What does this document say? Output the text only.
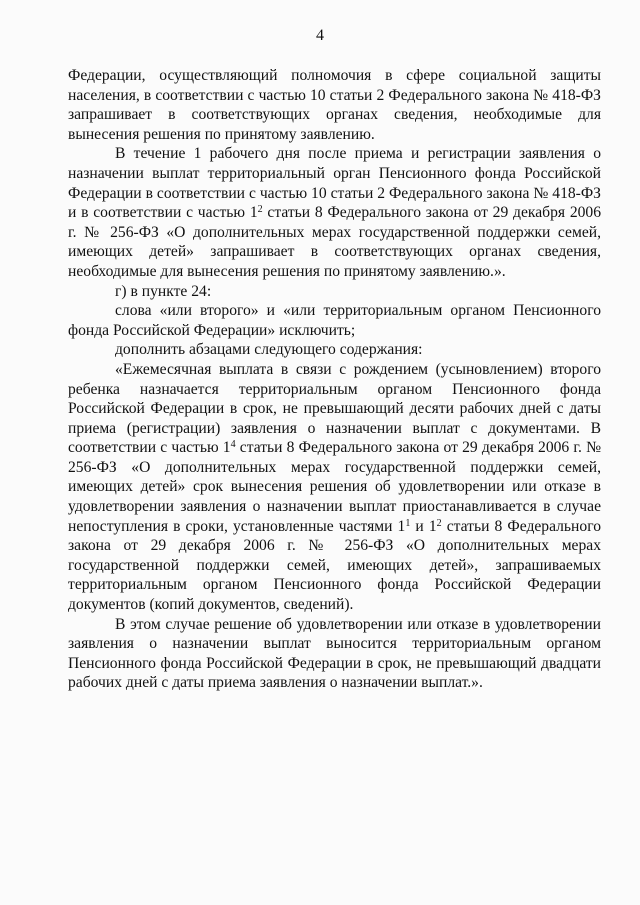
4

Федерации, осуществляющий полномочия в сфере социальной защиты населения, в соответствии с частью 10 статьи 2 Федерального закона № 418-ФЗ запрашивает в соответствующих органах сведения, необходимые для вынесения решения по принятому заявлению.

В течение 1 рабочего дня после приема и регистрации заявления о назначении выплат территориальный орган Пенсионного фонда Российской Федерации в соответствии с частью 10 статьи 2 Федерального закона № 418-ФЗ и в соответствии с частью $1^2$ статьи 8 Федерального закона от 29 декабря 2006 г. № 256-ФЗ «О дополнительных мерах государственной поддержки семей, имеющих детей» запрашивает в соответствующих органах сведения, необходимые для вынесения решения по принятому заявлению.».

г) в пункте 24:

слова «или второго» и «или территориальным органом Пенсионного фонда Российской Федерации» исключить;

дополнить абзацами следующего содержания:

«Ежемесячная выплата в связи с рождением (усыновлением) второго ребенка назначается территориальным органом Пенсионного фонда Российской Федерации в срок, не превышающий десяти рабочих дней с даты приема (регистрации) заявления о назначении выплат с документами. В соответствии с частью $1^4$ статьи 8 Федерального закона от 29 декабря 2006 г. № 256-ФЗ «О дополнительных мерах государственной поддержки семей, имеющих детей» срок вынесения решения об удовлетворении или отказе в удовлетворении заявления о назначении выплат приостанавливается в случае непоступления в сроки, установленные частями $1^1$ и $1^2$ статьи 8 Федерального закона от 29 декабря 2006 г. № 256-ФЗ «О дополнительных мерах государственной поддержки семей, имеющих детей», запрашиваемых территориальным органом Пенсионного фонда Российской Федерации документов (копий документов, сведений).

В этом случае решение об удовлетворении или отказе в удовлетворении заявления о назначении выплат выносится территориальным органом Пенсионного фонда Российской Федерации в срок, не превышающий двадцати рабочих дней с даты приема заявления о назначении выплат.».
